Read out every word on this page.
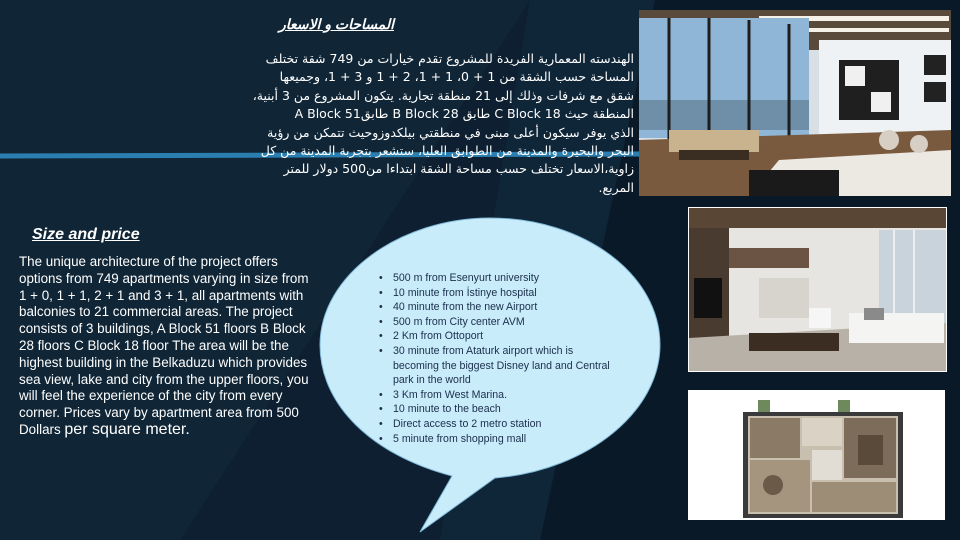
المساحات و الاسعار

الهندسته المعمارية الفريدة للمشروع تقدم خيارات من 749 شقة تختلف

المساحة حسب الشقة من 1 + 0، 1 + 1، 2 + 1 و 3 + 1، وجميعها

شقق مع شرفات وذلك إلى 21 منطقة تجارية. يتكون المشروع من 3 أبنية،

المنطقة حيث C Block 18 طابق B Block 28 طابقA Block 51

الذي يوفر سيكون أعلى مبنى في منطقتي بيلكدوزوحيث تتمكن من رؤية

البحر والبحيرة والمدينة من الطوابق العليا، ستشعر بتجربة المدينة من كل

زاوية،الاسعار تختلف حسب مساحة الشقة ابتداءا من500 دولار للمتر

المربع.

Size and price
The unique architecture of the project offers options from 749 apartments varying in size from 1 + 0, 1 + 1, 2 + 1 and 3 + 1, all apartments with balconies to 21 commercial areas. The project consists of 3 buildings, A Block 51 floors B Block 28 floors C Block 18 floor The area will be the highest building in the Belkaduzu which provides sea view, lake and city from the upper floors, you will feel the experience of the city from every corner. Prices vary by apartment area from 500 Dollars per square meter.
• 500 m from Esenyurt university
• 10 minute from İstinye hospital
• 40 minute from the new Airport
• 500 m from City center AVM
• 2 Km from Ottoport
• 30 minute from Ataturk airport which is becoming the biggest Disney land and Central park in the world
• 3 Km from West Marina.
• 10 minute to the beach
• Direct access to 2 metro station
• 5 minute from shopping mall
